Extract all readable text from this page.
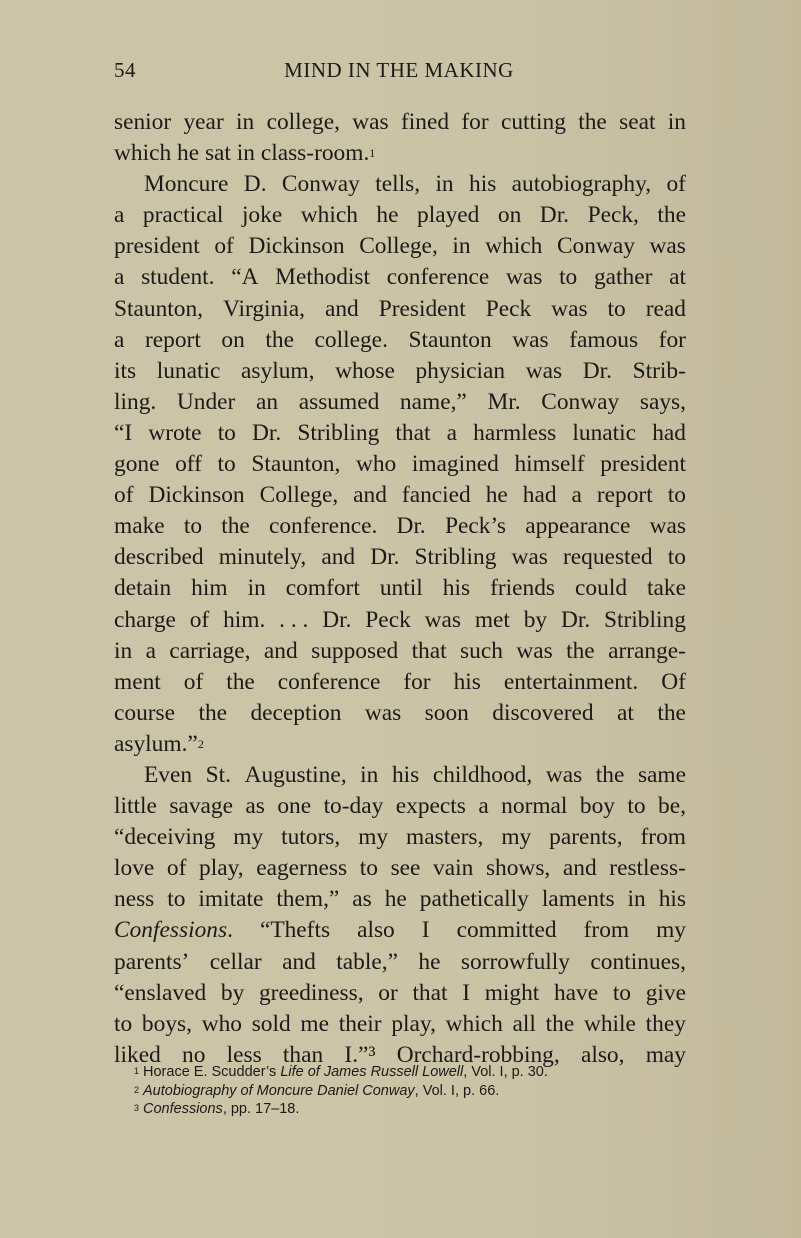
54	MIND IN THE MAKING
senior year in college, was fined for cutting the seat in
which he sat in class-room.$^1$
Moncure D. Conway tells, in his autobiography, of
a practical joke which he played on Dr. Peck, the
president of Dickinson College, in which Conway was
a student. “A Methodist conference was to gather at
Staunton, Virginia, and President Peck was to read
a report on the college. Staunton was famous for
its lunatic asylum, whose physician was Dr. Strib-
ling. Under an assumed name,” Mr. Conway says,
“I wrote to Dr. Stribling that a harmless lunatic had
gone off to Staunton, who imagined himself president
of Dickinson College, and fancied he had a report to
make to the conference. Dr. Peck’s appearance was
described minutely, and Dr. Stribling was requested to
detain him in comfort until his friends could take
charge of him. . . . Dr. Peck was met by Dr. Stribling
in a carriage, and supposed that such was the arrange-
ment of the conference for his entertainment. Of
course the deception was soon discovered at the
asylum.”$^2$
Even St. Augustine, in his childhood, was the same
little savage as one to-day expects a normal boy to be,
“deceiving my tutors, my masters, my parents, from
love of play, eagerness to see vain shows, and restless-
ness to imitate them,” as he pathetically laments in his
Confessions. “Thefts also I committed from my
parents’ cellar and table,” he sorrowfully continues,
“enslaved by greediness, or that I might have to give
to boys, who sold me their play, which all the while they
liked no less than I.”³ Orchard-robbing, also, may
$^1$ Horace E. Scudder’s Life of James Russell Lowell, Vol. I, p. 30.
$^2$ Autobiography of Moncure Daniel Conway, Vol. I, p. 66.
$^3$ Confessions, pp. 17–18.
